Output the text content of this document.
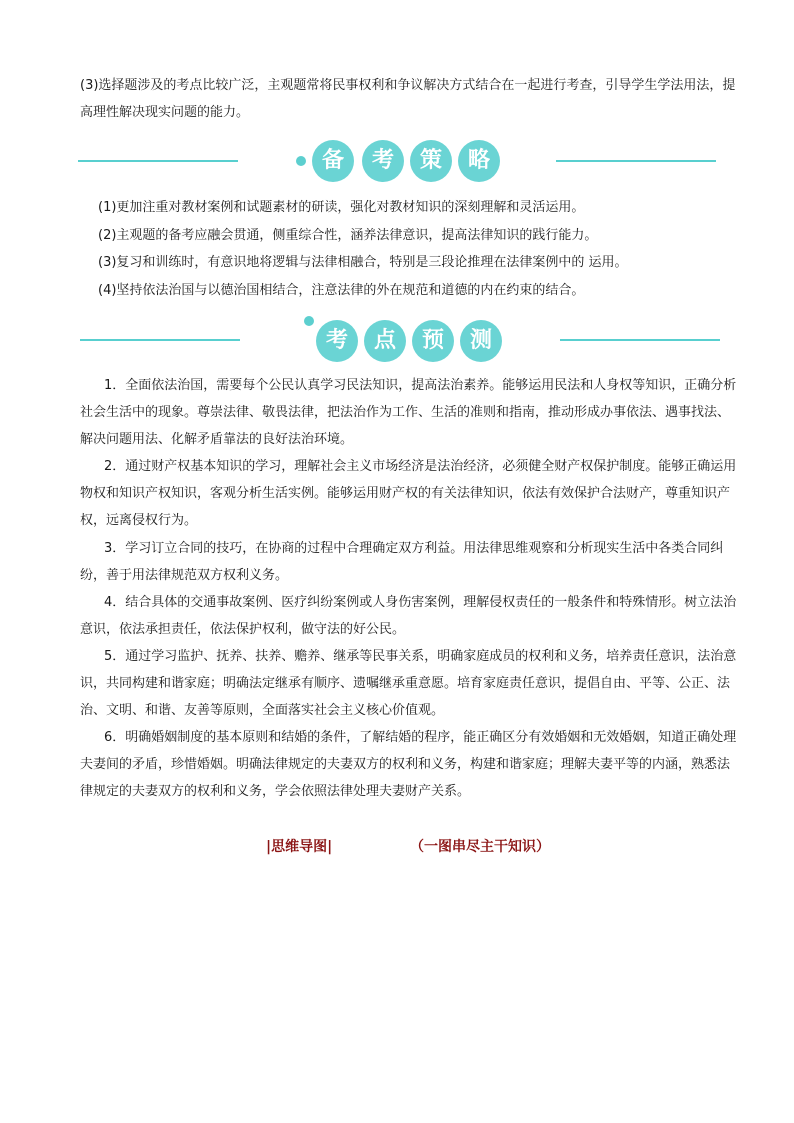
(3)选择题涉及的考点比较广泛，主观题常将民事权利和争议解决方式结合在一起进行考查，引导学生学法用法，提高理性解决现实问题的能力。

备	考	策	略
(1)更加注重对教材案例和试题素材的研读，强化对教材知识的深刻理解和灵活运用。
(2)主观题的备考应融会贯通，侧重综合性，涵养法律意识，提高法律知识的践行能力。
(3)复习和训练时，有意识地将逻辑与法律相融合，特别是三段论推理在法律案例中的 运用。
(4)坚持依法治国与以德治国相结合，注意法律的外在规范和道德的内在约束的结合。
考	点	预	测

1．全面依法治国，需要每个公民认真学习民法知识，提高法治素养。能够运用民法和人身权等知识，正确分析社会生活中的现象。尊崇法律、敬畏法律，把法治作为工作、生活的准则和指南，推动形成办事依法、遇事找法、解决问题用法、化解矛盾靠法的良好法治环境。

2．通过财产权基本知识的学习，理解社会主义市场经济是法治经济，必须健全财产权保护制度。能够正确运用物权和知识产权知识，客观分析生活实例。能够运用财产权的有关法律知识，依法有效保护合法财产，尊重知识产权，远离侵权行为。

3．学习订立合同的技巧，在协商的过程中合理确定双方利益。用法律思维观察和分析现实生活中各类合同纠纷，善于用法律规范双方权利义务。

4．结合具体的交通事故案例、医疗纠纷案例或人身伤害案例，理解侵权责任的一般条件和特殊情形。树立法治意识，依法承担责任，依法保护权利，做守法的好公民。

5．通过学习监护、抚养、扶养、赡养、继承等民事关系，明确家庭成员的权利和义务，培养责任意识，法治意识，共同构建和谐家庭；明确法定继承有顺序、遗嘱继承重意愿。培育家庭责任意识，提倡自由、平等、公正、法治、文明、和谐、友善等原则，全面落实社会主义核心价值观。

6．明确婚姻制度的基本原则和结婚的条件，了解结婚的程序，能正确区分有效婚姻和无效婚姻，知道正确处理夫妻间的矛盾，珍惜婚姻。明确法律规定的夫妻双方的权利和义务，构建和谐家庭；理解夫妻平等的内涵，熟悉法律规定的夫妻双方的权利和义务，学会依照法律处理夫妻财产关系。

|思维导图|	（一图串尽主干知识）
